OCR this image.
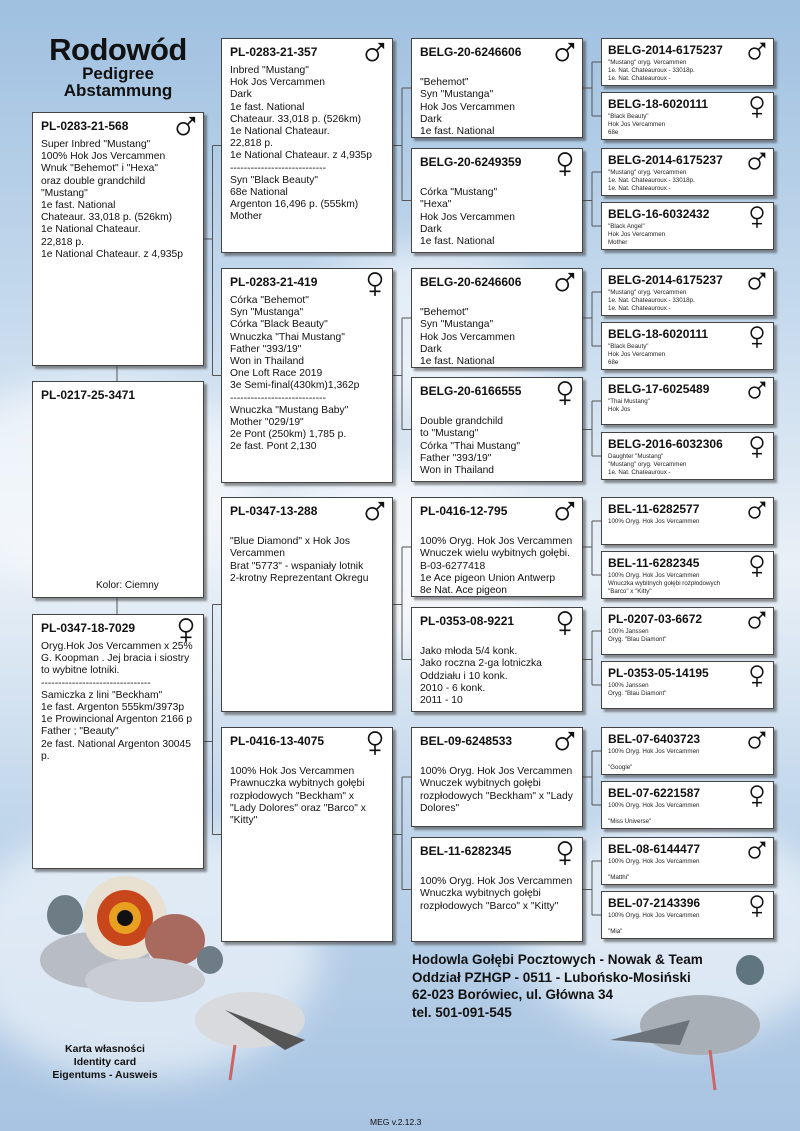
Rodowód
Pedigree
Abstammung
PL-0283-21-568
Super Inbred "Mustang"
100% Hok Jos Vercammen
Wnuk "Behemot" i "Hexa"
oraz double grandchild
"Mustang"
1e fast. National
Chateaur. 33,018 p. (526km)
1e National Chateaur.
22,818 p.
1e National Chateaur. z 4,935p
PL-0217-25-3471
PL-0347-18-7029
Oryg.Hok Jos Vercammen x 25%
G. Koopman . Jej bracia i siostry
to wybitne lotniki.
--------------------------------
Samiczka z lini "Beckham"
1e fast. Argenton 555km/3973p
1e Prowincional Argenton 2166 p
Father ; "Beauty"
2e fast. National Argenton 30045
p.
PL-0283-21-357
Inbred "Mustang"
Hok Jos Vercammen
Dark
1e fast. National
Chateaur. 33,018 p. (526km)
1e National Chateaur.
22,818 p.
1e National Chateaur. z 4,935p
----------------------------
Syn "Black Beauty"
68e National
Argenton 16,496 p. (555km)
Mother
PL-0283-21-419
Córka "Behemot"
Syn "Mustanga"
Córka "Black Beauty"
Wnuczka "Thai Mustang"
Father "393/19"
Won in Thailand
One Loft Race 2019
3e Semi-final(430km)1,362p
----------------------------
Wnuczka "Mustang Baby"
Mother "029/19"
2e Pont (250km) 1,785 p.
2e fast. Pont 2,130
PL-0347-13-288

"Blue Diamond" x Hok Jos
Vercammen
Brat "5773" - wspaniały lotnik
2-krotny Reprezentant Okregu
PL-0416-13-4075

100% Hok Jos Vercammen
Prawnuczka wybitnych gołębi
rozpłodowych "Beckham" x
"Lady Dolores" oraz "Barco" x
"Kitty"
BELG-20-6246606

"Behemot"
Syn "Mustanga"
Hok Jos Vercammen
Dark
1e fast. National
BELG-20-6249359

Córka "Mustang"
"Hexa"
Hok Jos Vercammen
Dark
1e fast. National
BELG-20-6246606

"Behemot"
Syn "Mustanga"
Hok Jos Vercammen
Dark
1e fast. National
BELG-20-6166555

Double grandchild
to "Mustang"
Córka "Thai Mustang"
Father "393/19"
Won in Thailand
PL-0416-12-795

100% Oryg. Hok Jos Vercammen
Wnuczek wielu wybitnych gołębi.
B-03-6277418
1e Ace pigeon Union Antwerp
8e Nat. Ace pigeon
PL-0353-08-9221

Jako młoda 5/4 konk.
Jako roczna 2-ga lotniczka
Oddziału i 10 konk.
2010 - 6 konk.
2011 - 10
BEL-09-6248533

100% Oryg. Hok Jos Vercammen
Wnuczek wybitnych gołębi
rozpłodowych "Beckham" x "Lady
Dolores"
BEL-11-6282345

100% Oryg. Hok Jos Vercammen
Wnuczka wybitnych gołębi
rozpłodowych "Barco" x "Kitty"
BELG-2014-6175237
"Mustang" oryg. Vercammen
1e. Nat. Chateauroux - 33018p.
1e. Nat. Chateauroux -
BELG-18-6020111
"Black Beauty"
Hok Jos Vercammen
68e
BELG-2014-6175237
"Mustang" oryg. Vercammen
1e. Nat. Chateauroux - 33018p.
1e. Nat. Chateauroux -
BELG-16-6032432
"Black Angel"
Hok Jos Vercammen
Mother
BELG-2014-6175237
"Mustang" oryg. Vercammen
1e. Nat. Chateauroux - 33018p.
1e. Nat. Chateauroux -
BELG-18-6020111
"Black Beauty"
Hok Jos Vercammen
68e
BELG-17-6025489
"Thai Mustang"
Hok Jos
BELG-2016-6032306
Daughter "Mustang"
"Mustang" oryg. Vercammen
1e. Nat. Chateauroux -
BEL-11-6282577
100% Oryg. Hok Jos Vercammen
BEL-11-6282345
100% Oryg. Hok Jos Vercammen
Wnuczka wybitnych gołębi rozpłodowych
"Barco" x "Kitty"
PL-0207-03-6672
100% Janssen
Oryg. "Blau Diamont"
PL-0353-05-14195
100% Janssen
Oryg. "Blau Diamont"
BEL-07-6403723
100% Oryg. Hok Jos Vercammen

"Google"
BEL-07-6221587
100% Oryg. Hok Jos Vercammen

"Miss Universe"
BEL-08-6144477
100% Oryg. Hok Jos Vercammen

"Matthi"
BEL-07-2143396
100% Oryg. Hok Jos Vercammen

"Mia"
Kolor: Ciemny
Hodowla Gołębi Pocztowych - Nowak & Team
Oddział PZHGP - 0511 - Lubońsko-Mosiński
62-023 Borówiec, ul. Główna 34
tel. 501-091-545
Karta własności
Identity card
Eigentums - Ausweis
MEG v.2.12.3
